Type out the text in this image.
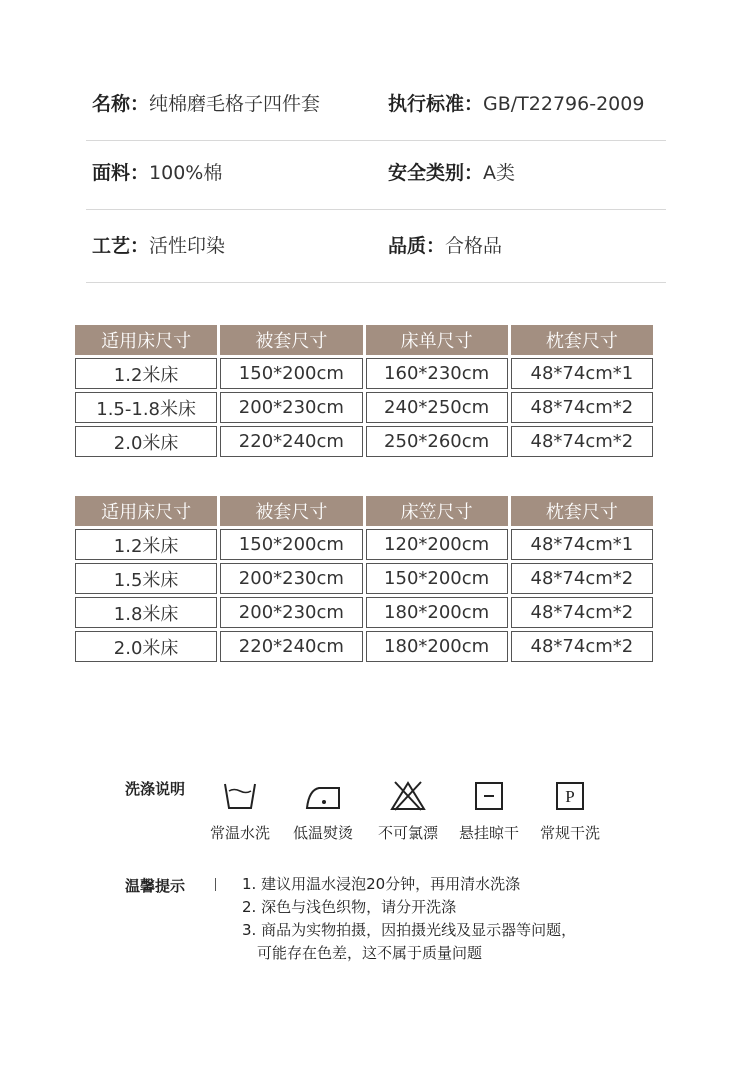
名称：纯棉磨毛格子四件套	执行标准：GB/T22796-2009
面料：100%棉	安全类别：A类
工艺：活性印染	品质：合格品
适用床尺寸	被套尺寸	床单尺寸	枕套尺寸
1.2米床	150*200cm	160*230cm	48*74cm*1
1.5-1.8米床	200*230cm	240*250cm	48*74cm*2
2.0米床	220*240cm	250*260cm	48*74cm*2
适用床尺寸	被套尺寸	床笠尺寸	枕套尺寸
1.2米床	150*200cm	120*200cm	48*74cm*1
1.5米床	200*230cm	150*200cm	48*74cm*2
1.8米床	200*230cm	180*200cm	48*74cm*2
2.0米床	220*240cm	180*200cm	48*74cm*2
洗涤说明
常温水洗	低温熨烫	不可氯漂	悬挂晾干
P
常规干洗
温馨提示	1. 建议用温水浸泡20分钟，再用清水洗涤
2. 深色与浅色织物，请分开洗涤
3. 商品为实物拍摄，因拍摄光线及显示器等问题，
可能存在色差，这不属于质量问题
